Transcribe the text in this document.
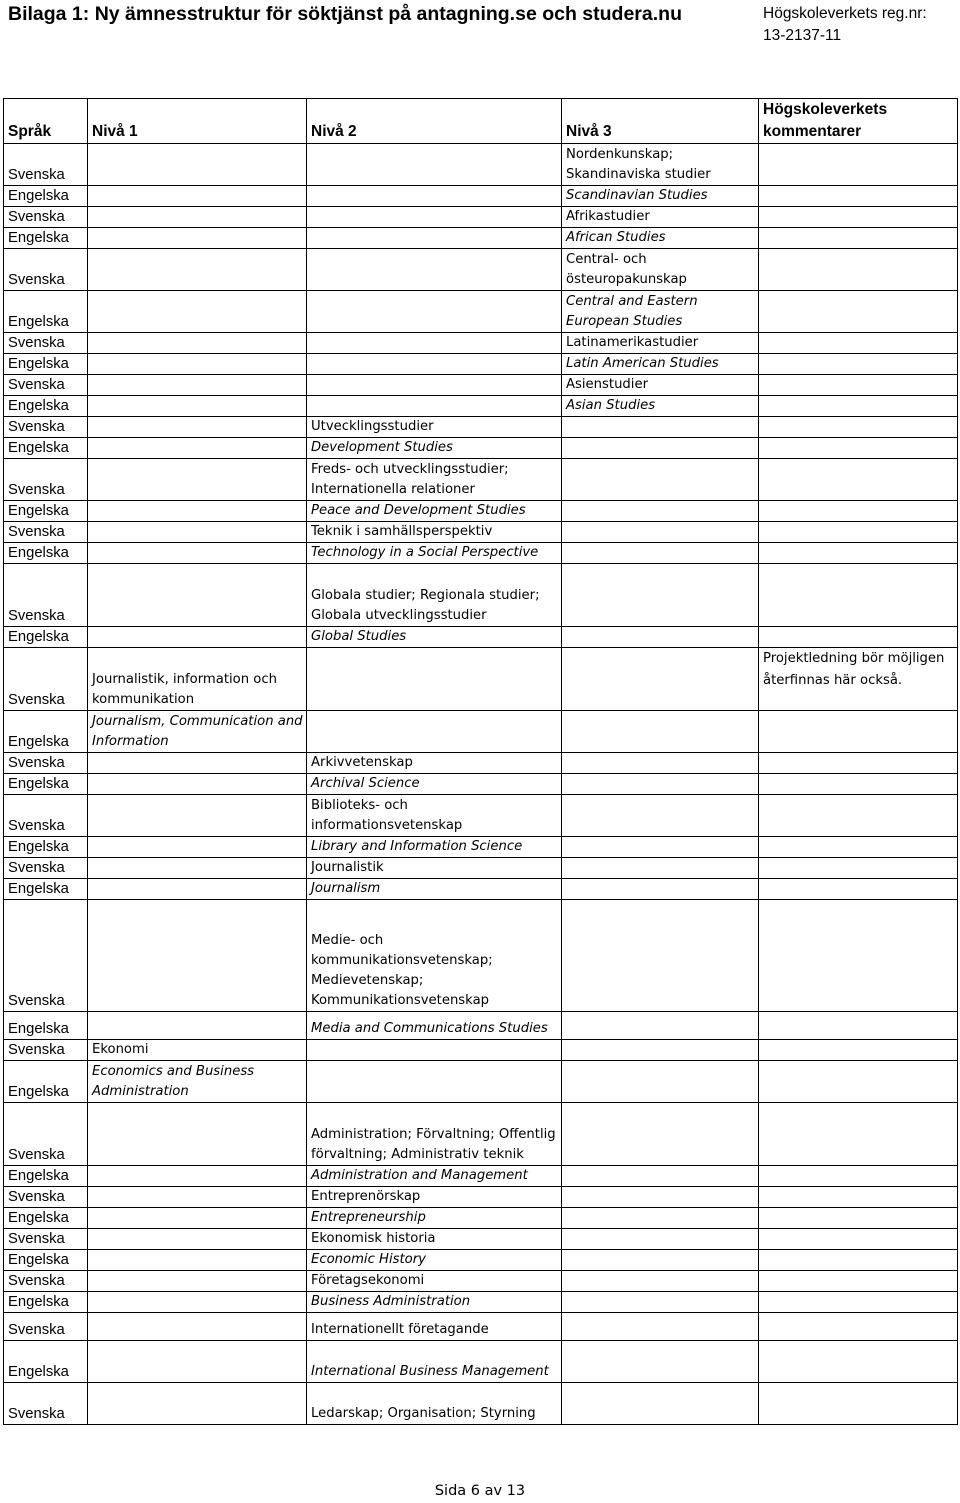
Bilaga 1: Ny ämnesstruktur för söktjänst på antagning.se och studera.nu	Högskoleverkets reg.nr:
13-2137-11
Språk	Nivå 1	Nivå 2	Nivå 3	Högskoleverkets
kommentarer

Svenska			Nordenkunskap; Skandinaviska studier	
Engelska			Scandinavian Studies	
Svenska			Afrikastudier	
Engelska			African Studies	
Svenska			Central- och östeuropakunskap	
Engelska			Central and Eastern European Studies	
Svenska			Latinamerikastudier	
Engelska			Latin American Studies	
Svenska			Asienstudier	
Engelska			Asian Studies	
Svenska		Utvecklingsstudier		
Engelska		Development Studies		
Svenska		Freds- och utvecklingsstudier; Internationella relationer		
Engelska		Peace and Development Studies		
Svenska		Teknik i samhällsperspektiv		
Engelska		Technology in a Social Perspective		
Svenska		Globala studier; Regionala studier; Globala utvecklingsstudier		
Engelska		Global Studies		
Svenska	Journalistik, information och kommunikation			Projektledning bör möjligen återfinnas här också.
Engelska	Journalism, Communication and Information			
Svenska		Arkivvetenskap		
Engelska		Archival Science		
Svenska		Biblioteks- och informationsvetenskap		
Engelska		Library and Information Science		
Svenska		Journalistik		
Engelska		Journalism		
Svenska		Medie- och kommunikationsvetenskap; Medievetenskap; Kommunikationsvetenskap		
Engelska		Media and Communications Studies		
Svenska	Ekonomi			
Engelska	Economics and Business Administration			
Svenska		Administration; Förvaltning; Offentlig förvaltning; Administrativ teknik		
Engelska		Administration and Management		
Svenska		Entreprenörskap		
Engelska		Entrepreneurship		
Svenska		Ekonomisk historia		
Engelska		Economic History		
Svenska		Företagsekonomi		
Engelska		Business Administration		
Svenska		Internationellt företagande		
Engelska		International Business Management		
Svenska		Ledarskap; Organisation; Styrning		
Sida 6 av 13
